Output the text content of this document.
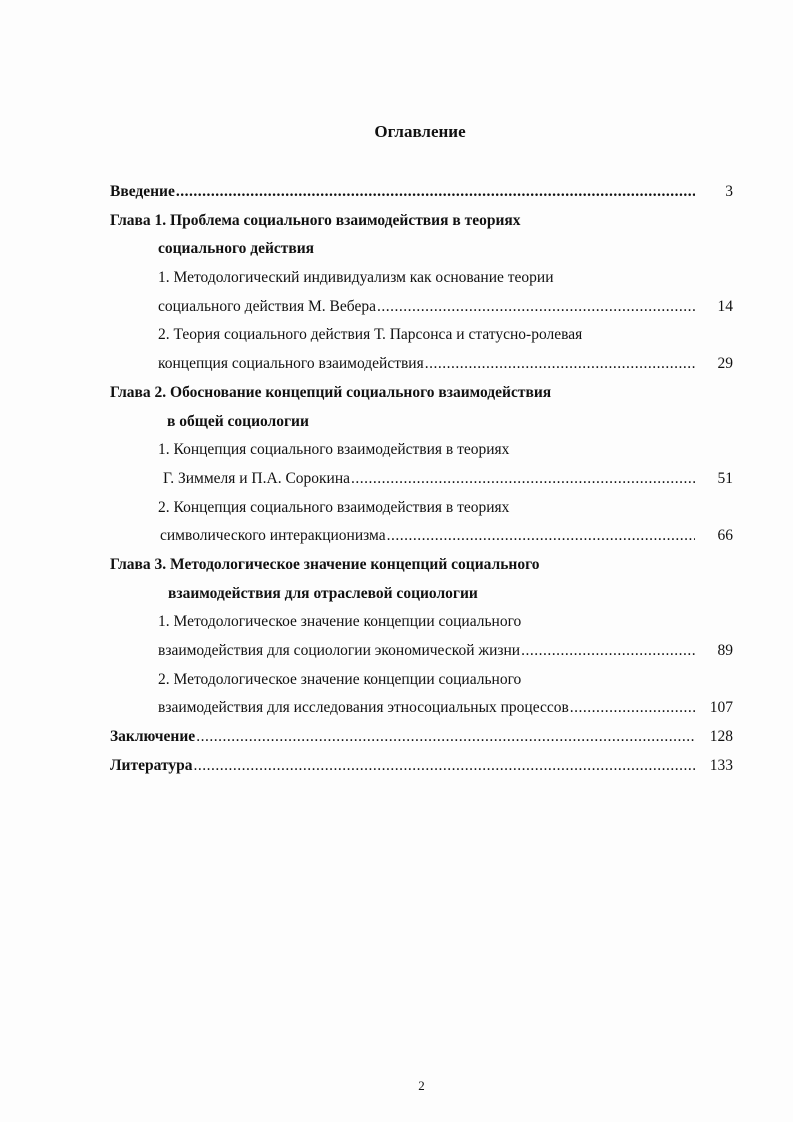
Оглавление
Введение .....	3
Глава 1. Проблема социального взаимодействия в теориях
социального действия
1. Методологический индивидуализм как основание теории
социального действия М. Вебера .....	14
2. Теория социального действия Т. Парсонса и статусно-ролевая
концепция социального взаимодействия .....	29
Глава 2. Обоснование концепций социального взаимодействия
в общей социологии
1. Концепция социального взаимодействия в теориях
Г. Зиммеля и П.А. Сорокина .....	51
2. Концепция социального взаимодействия в теориях
символического интеракционизма .....	66
Глава 3. Методологическое значение концепций социального
взаимодействия для отраслевой социологии
1. Методологическое значение концепции социального
взаимодействия для социологии экономической жизни .....	89
2. Методологическое значение концепции социального
взаимодействия для исследования этносоциальных процессов .....	107
Заключение .....	128
Литература .....	133
2
